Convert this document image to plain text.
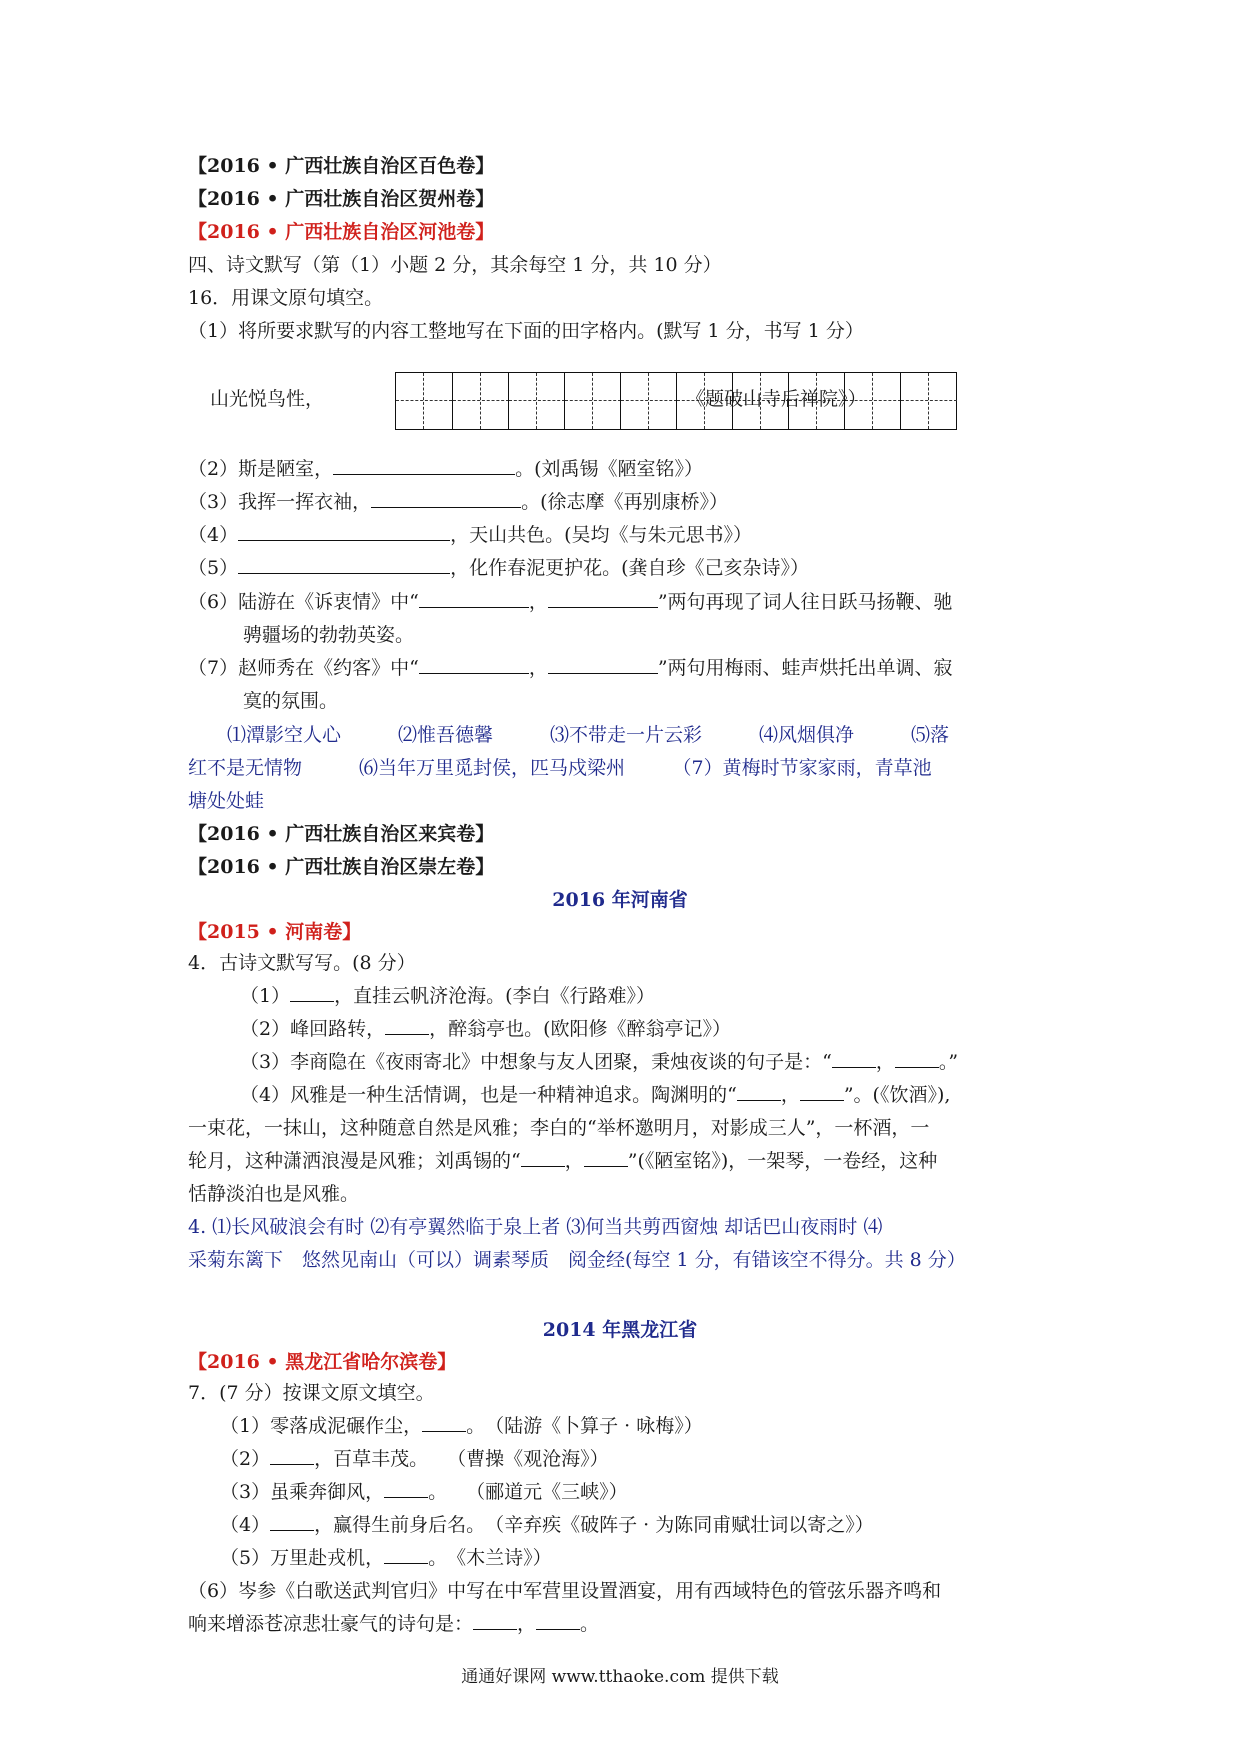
【2016 • 广西壮族自治区百色卷】
【2016 • 广西壮族自治区贺州卷】
【2016 • 广西壮族自治区河池卷】
四、诗文默写（第（1）小题 2 分，其余每空 1 分，共 10 分）
16．用课文原句填空。
（1）将所要求默写的内容工整地写在下面的田字格内。(默写 1 分，书写 1 分）
山光悦鸟性，	《题破山寺后禅院》）
（2）斯是陋室，	。(刘禹锡《陋室铭》）
（3）我挥一挥衣袖，	。(徐志摩《再别康桥》）
（4）	，天山共色。(吴均《与朱元思书》）
（5）	，化作春泥更护花。(龚自珍《己亥杂诗》）
（6）陆游在《诉衷情》中“	，	”两句再现了词人往日跃马扬鞭、驰
骋疆场的勃勃英姿。
（7）赵师秀在《约客》中“	，	”两句用梅雨、蛙声烘托出单调、寂
寞的氛围。
⑴潭影空人心　　　⑵惟吾德馨　　　⑶不带走一片云彩　　　⑷风烟俱净　　　⑸落
红不是无情物　　　⑹当年万里觅封侯，匹马戍梁州　　　（7）黄梅时节家家雨，青草池
塘处处蛙
【2016 • 广西壮族自治区来宾卷】
【2016 • 广西壮族自治区崇左卷】
2016 年河南省
【2015 • 河南卷】
4．古诗文默写写。(8 分）
（1） ，直挂云帆济沧海。(李白《行路难》）
（2）峰回路转， ，醉翁亭也。(欧阳修《醉翁亭记》）
（3）李商隐在《夜雨寄北》中想象与友人团聚，秉烛夜谈的句子是：“ ， 。”
（4）风雅是一种生活情调，也是一种精神追求。陶渊明的“ ， ”。(《饮酒》),
一束花，一抹山，这种随意自然是风雅；李白的“举杯邀明月，对影成三人”，一杯酒，一
轮月，这种潇洒浪漫是风雅；刘禹锡的“ ， ”(《陋室铭》)，一架琴，一卷经，这种
恬静淡泊也是风雅。
4. ⑴长风破浪会有时 ⑵有亭翼然临于泉上者 ⑶何当共剪西窗烛 却话巴山夜雨时 ⑷
采菊东篱下　悠然见南山（可以）调素琴质　阅金经(每空 1 分，有错该空不得分。共 8 分）
2014 年黑龙江省
【2016 • 黑龙江省哈尔滨卷】
7．(7 分）按课文原文填空。
（1）零落成泥碾作尘， 。　（陆游《卜算子 · 咏梅》）
（2） ，百草丰茂。　　（曹操《观沧海》）
（3）虽乘奔御风， 。　　（郦道元《三峡》）
（4） ，赢得生前身后名。　（辛弃疾《破阵子 · 为陈同甫赋壮词以寄之》）
（5）万里赴戎机， 。　《木兰诗》）
（6）岑参《白歌送武判官归》中写在中军营里设置酒宴，用有西域特色的管弦乐器齐鸣和
响来增添苍凉悲壮豪气的诗句是： ， 。
通通好课网 www.tthaoke.com 提供下载
